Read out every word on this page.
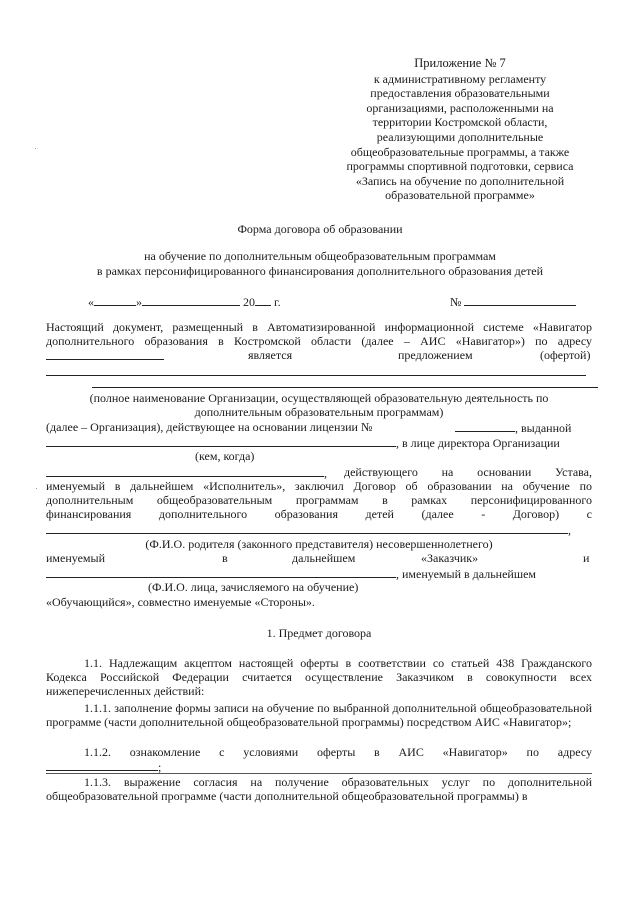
Приложение № 7
к административному регламенту
предоставления образовательными
организациями, расположенными на
территории Костромской области,
реализующими дополнительные
общеобразовательные программы, а также
программы спортивной подготовки, сервиса
«Запись на обучение по дополнительной
образовательной программе»
Форма договора об образовании
на обучение по дополнительным общеобразовательным программам
в рамках персонифицированного финансирования дополнительного образования детей
«	»	20 г.	№
Настоящий документ, размещенный в Автоматизированной информационной системе «Навигатор
дополнительного образования в Костромской области (далее – АИС «Навигатор») по адресу
является	предложением	(офертой)
(полное наименование Организации, осуществляющей образовательную деятельность по
дополнительным образовательным программам)
(далее – Организация), действующее на основании лицензии №	, выданной
, в лице директора Организации
(кем, когда)
, действующего на основании Устава,
именуемый в дальнейшем «Исполнитель», заключил Договор об образовании на обучение по
дополнительным общеобразовательным программам в рамках персонифицированного
финансирования дополнительного образования детей (далее - Договор) с
,
(Ф.И.О. родителя (законного представителя) несовершеннолетнего)
именуемый	в	дальнейшем	«Заказчик»	и
, именуемый в дальнейшем
(Ф.И.О. лица, зачисляемого на обучение)
«Обучающийся», совместно именуемые «Стороны».
1. Предмет договора
1.1. Надлежащим акцептом настоящей оферты в соответствии со статьей 438 Гражданского Кодекса Российской Федерации считается осуществление Заказчиком в совокупности всех нижеперечисленных действий:
1.1.1. заполнение формы записи на обучение по выбранной дополнительной общеобразовательной программе (части дополнительной общеобразовательной программы) посредством АИС «Навигатор»;
1.1.2. ознакомление с условиями оферты в АИС «Навигатор» по адресу
;
1.1.3. выражение согласия на получение образовательных услуг по дополнительной общеобразовательной программе (части дополнительной общеобразовательной программы) в
